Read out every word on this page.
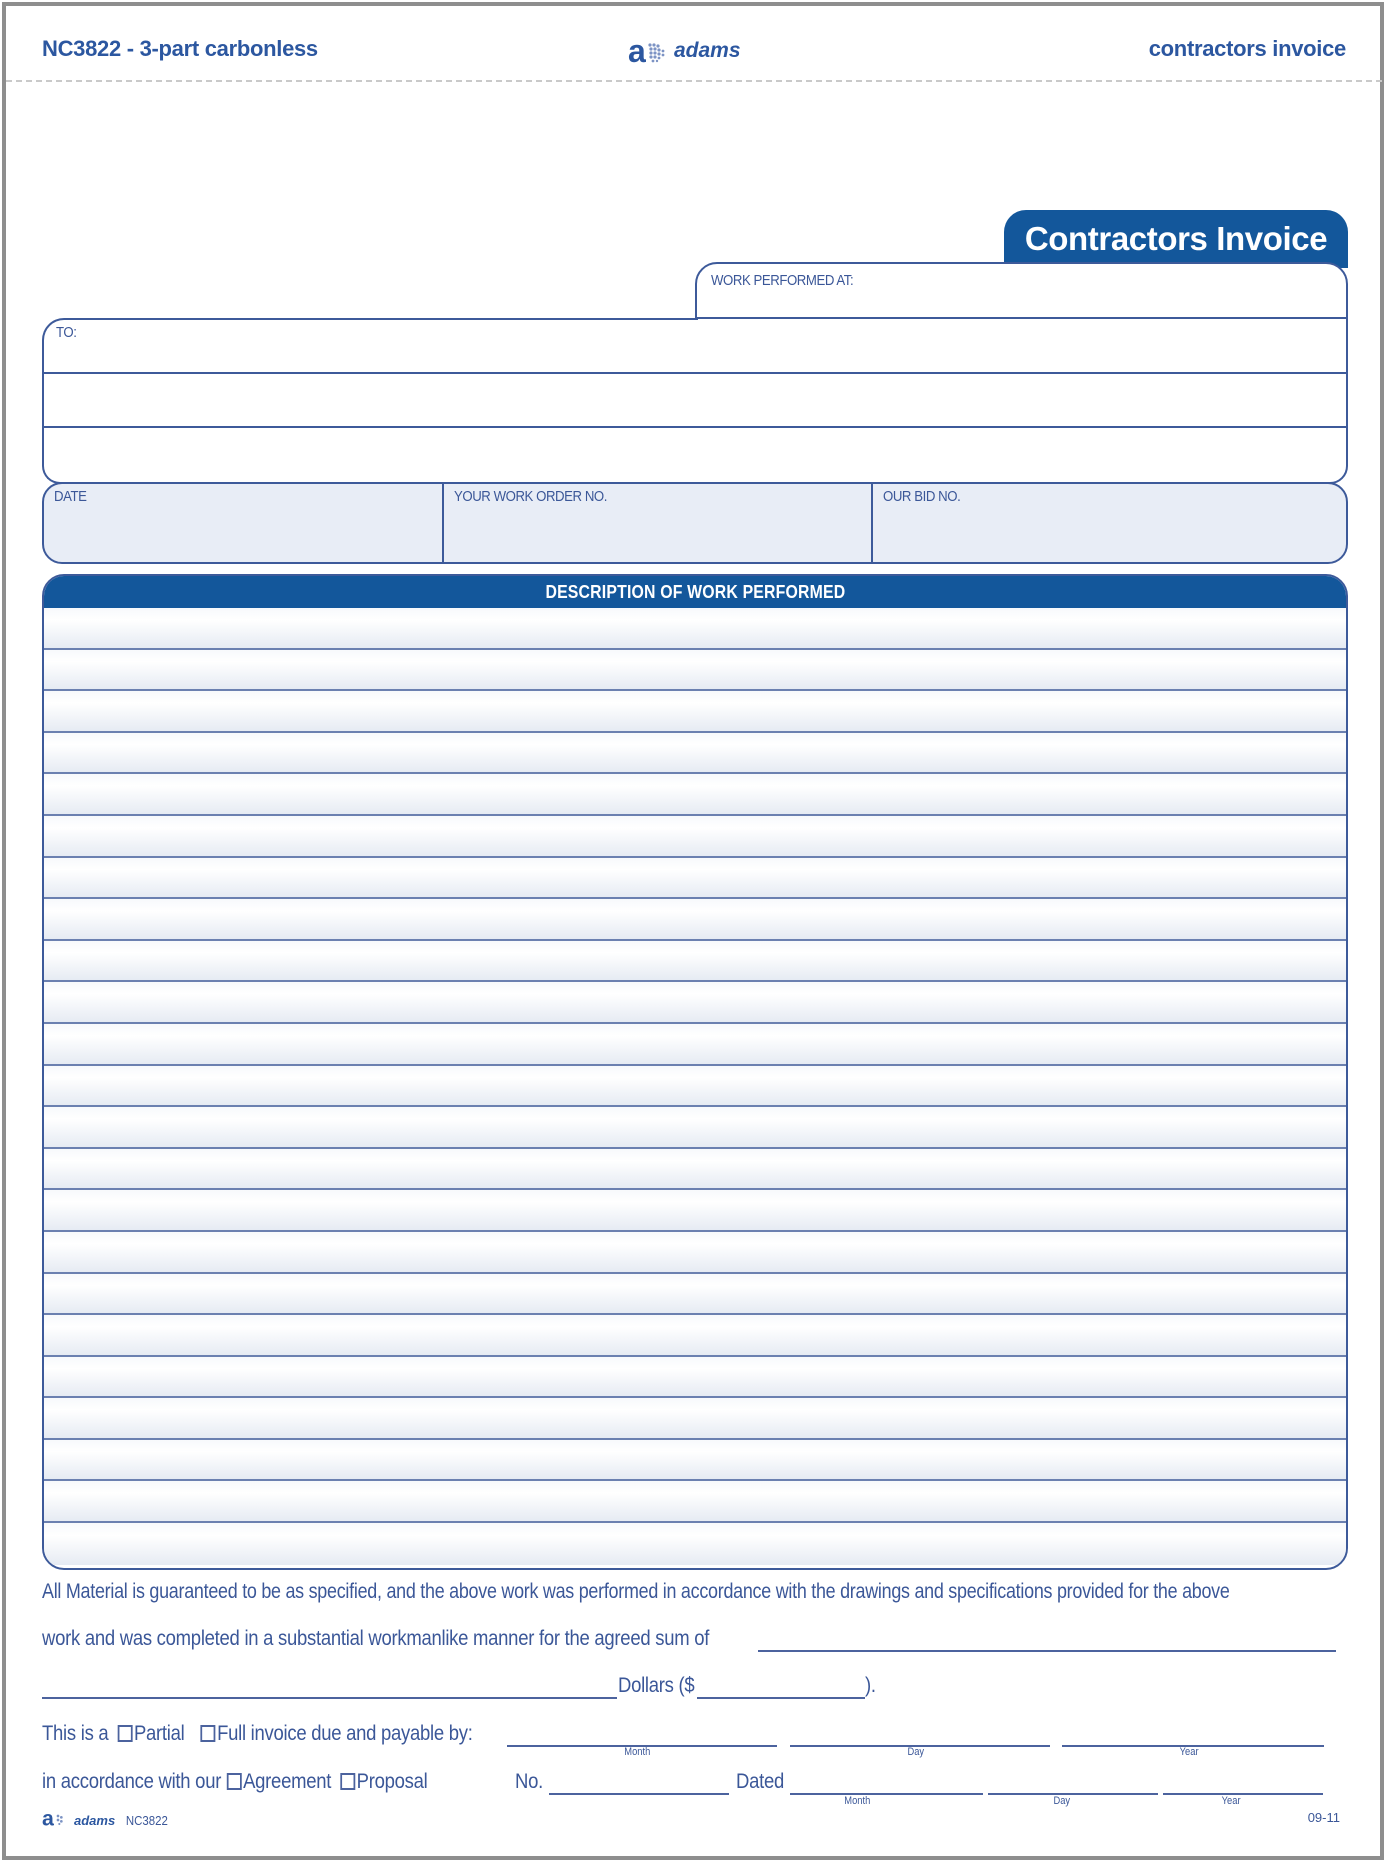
NC3822 - 3-part carbonless	a adams	contractors invoice
Contractors Invoice
WORK PERFORMED AT:
TO:
DATE	YOUR WORK ORDER NO.	OUR BID NO.
DESCRIPTION OF WORK PERFORMED
All Material is guaranteed to be as specified, and the above work was performed in accordance with the drawings and specifications provided for the above
work and was completed in a substantial workmanlike manner for the agreed sum of
Dollars ($	).
This is a	Partial	Full invoice due and payable by:
Month	Day	Year
in accordance with our	Agreement	Proposal	No.	Dated
Month	Day	Year
a adams NC3822	09-11
